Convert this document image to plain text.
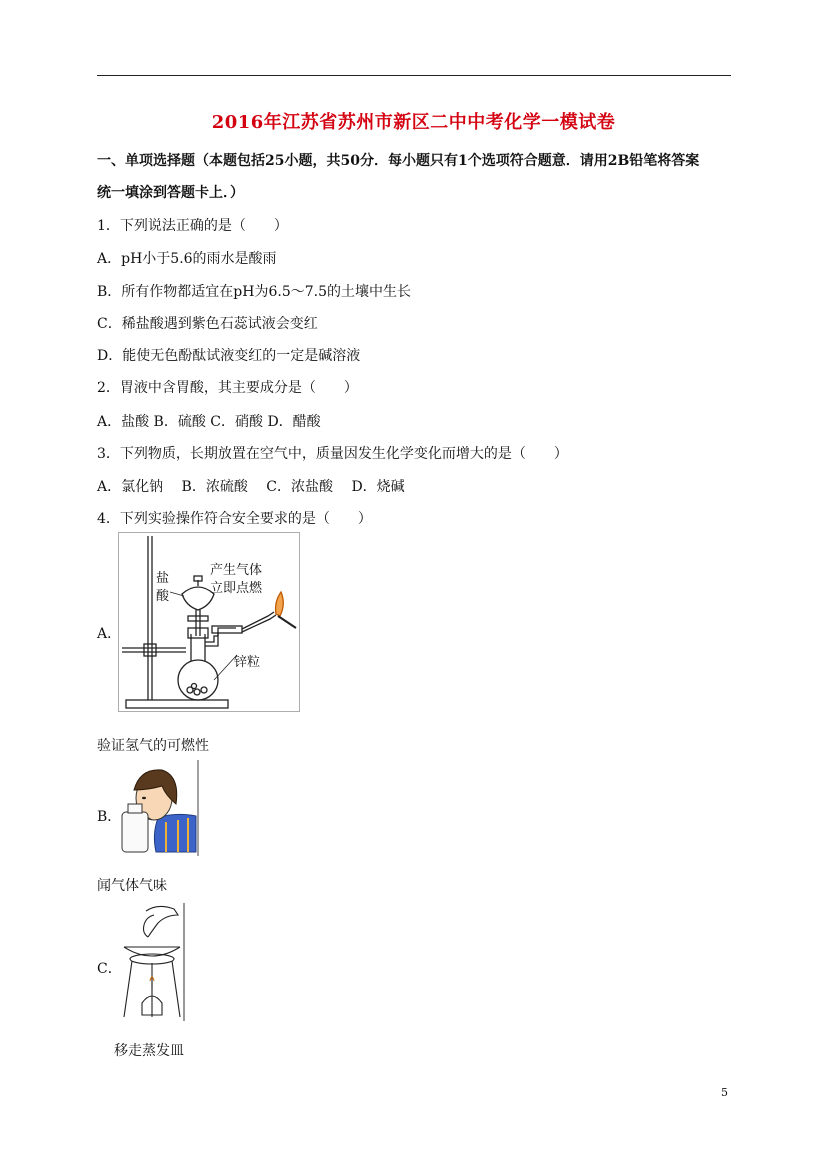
2016年江苏省苏州市新区二中中考化学一模试卷
一、单项选择题（本题包括25小题，共50分．每小题只有1个选项符合题意．请用2B铅笔将答案
统一填涂到答题卡上．）
1．下列说法正确的是（　　）
A．pH小于5.6的雨水是酸雨
B．所有作物都适宜在pH为6.5～7.5的土壤中生长
C．稀盐酸遇到紫色石蕊试液会变红
D．能使无色酚酞试液变红的一定是碱溶液
2．胃液中含胃酸，其主要成分是（　　）
A．盐酸 B．硫酸 C．硝酸 D．醋酸
3．下列物质，长期放置在空气中，质量因发生化学变化而增大的是（　　）
A．氯化钠　 B．浓硫酸　 C．浓盐酸　 D．烧碱
4．下列实验操作符合安全要求的是（　　）
A．
盐
酸
产生气体
立即点燃
锌粒
验证氢气的可燃性
B．
闻气体气味
C．
移走蒸发皿
5
